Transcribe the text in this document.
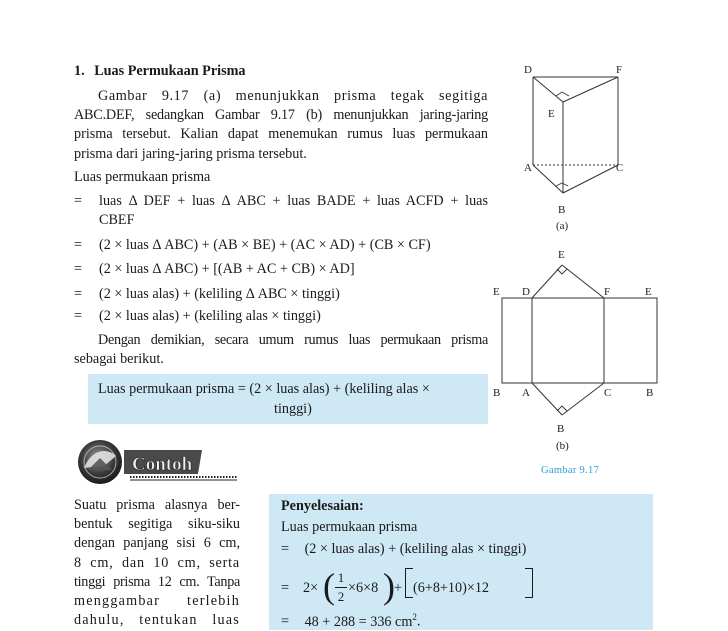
1. Luas Permukaan Prisma
Gambar 9.17 (a) menunjukkan prisma tegak segitiga
ABC.DEF, sedangkan Gambar 9.17 (b) menunjukkan jaring-jaring
prisma tersebut. Kalian dapat menemukan rumus luas permukaan
prisma dari jaring-jaring prisma tersebut.
Luas permukaan prisma
= luas Δ DEF + luas Δ ABC + luas BADE + luas ACFD + luas
CBEF
= (2 × luas Δ ABC) + (AB × BE) + (AC × AD) + (CB × CF)
= (2 × luas Δ ABC) + [(AB + AC + CB) × AD]
= (2 × luas alas) + (keliling Δ ABC × tinggi)
= (2 × luas alas) + (keliling alas × tinggi)
Dengan demikian, secara umum rumus luas permukaan prisma
sebagai berikut.
Luas permukaan prisma = (2 × luas alas) + (keliling alas ×
tinggi)
D	F
E
A	C
B
(a)
E
E D	F	E
B A	C	B
B
(b)
Gambar 9.17
Contoh
Suatu prisma alasnya ber-
bentuk segitiga siku-siku
dengan panjang sisi 6 cm,
8 cm, dan 10 cm, serta
tinggi prisma 12 cm. Tanpa
menggambar terlebih
dahulu, tentukan luas
Penyelesaian:
Luas permukaan prisma
= (2 × luas alas) + (keliling alas × tinggi)
= 2× ( 1
2
×6×8 ) + (6+8+10)×12
= 48 + 288 = 336 $cm^2$.
